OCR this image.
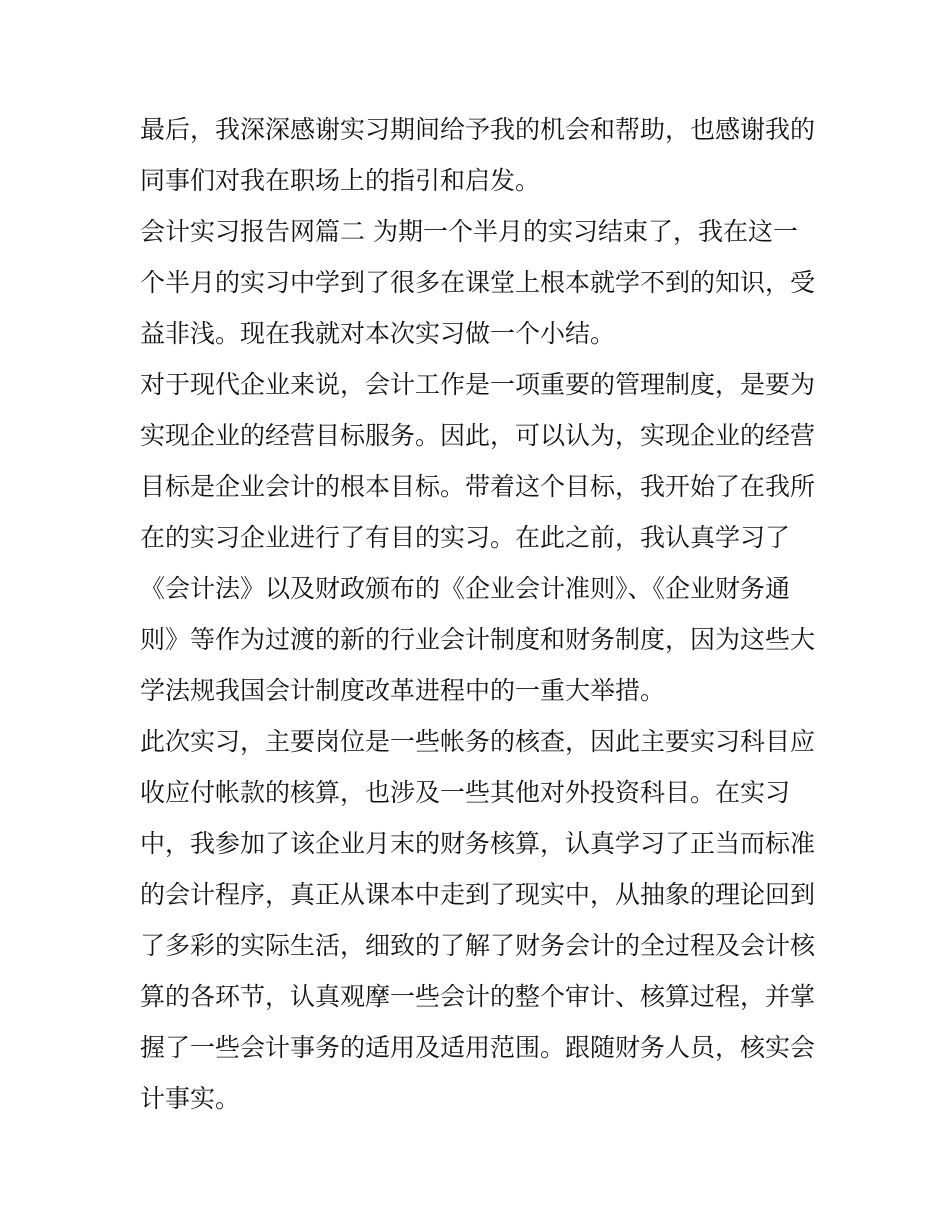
最后，我深深感谢实习期间给予我的机会和帮助，也感谢我的
同事们对我在职场上的指引和启发。
会计实习报告网篇二 为期一个半月的实习结束了，我在这一
个半月的实习中学到了很多在课堂上根本就学不到的知识，受
益非浅。现在我就对本次实习做一个小结。
对于现代企业来说，会计工作是一项重要的管理制度，是要为
实现企业的经营目标服务。因此，可以认为，实现企业的经营
目标是企业会计的根本目标。带着这个目标，我开始了在我所
在的实习企业进行了有目的实习。在此之前，我认真学习了
《会计法》以及财政颁布的《企业会计准则》、《企业财务通
则》等作为过渡的新的行业会计制度和财务制度，因为这些大
学法规我国会计制度改革进程中的一重大举措。
此次实习，主要岗位是一些帐务的核查，因此主要实习科目应
收应付帐款的核算，也涉及一些其他对外投资科目。在实习
中，我参加了该企业月末的财务核算，认真学习了正当而标准
的会计程序，真正从课本中走到了现实中，从抽象的理论回到
了多彩的实际生活，细致的了解了财务会计的全过程及会计核
算的各环节，认真观摩一些会计的整个审计、核算过程，并掌
握了一些会计事务的适用及适用范围。跟随财务人员，核实会
计事实。
